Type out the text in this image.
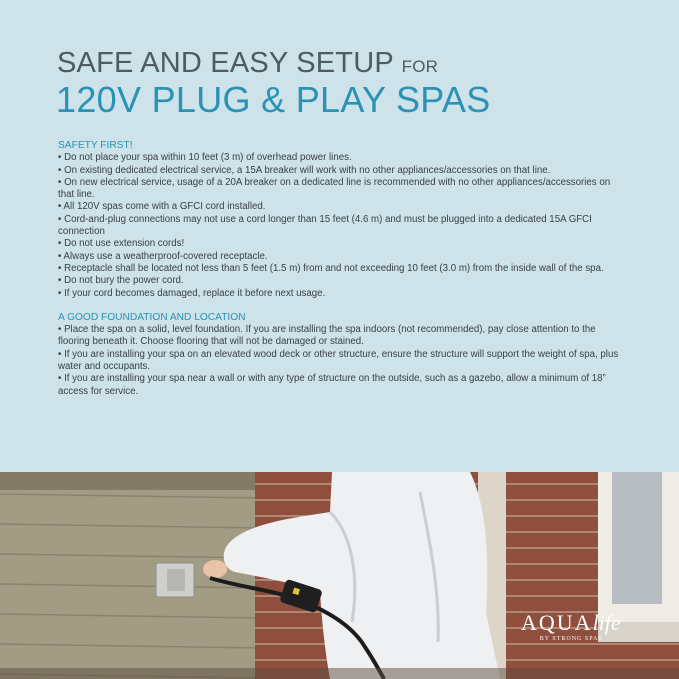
SAFE AND EASY SETUP FOR
120V PLUG & PLAY SPAS
SAFETY FIRST!

• Do not place your spa within 10 feet (3 m) of overhead power lines.

• On existing dedicated electrical service, a 15A breaker will work with no other appliances/accessories on that line.

• On new electrical service, usage of a 20A breaker on a dedicated line is recommended with no other appliances/accessories on that line.

• All 120V spas come with a GFCI cord installed.

• Cord-and-plug connections may not use a cord longer than 15 feet (4.6 m) and must be plugged into a dedicated 15A GFCI connection

• Do not use extension cords!

• Always use a weatherproof-covered receptacle.

• Receptacle shall be located not less than 5 feet (1.5 m) from and not exceeding 10 feet (3.0 m) from the inside wall of the spa.

• Do not bury the power cord.

• If your cord becomes damaged, replace it before next usage.

A GOOD FOUNDATION AND LOCATION

• Place the spa on a solid, level foundation. If you are installing the spa indoors (not recommended), pay close attention to the flooring beneath it. Choose flooring that will not be damaged or stained.

• If you are installing your spa on an elevated wood deck or other structure, ensure the structure will support the weight of spa, plus water and occupants.

• If you are installing your spa near a wall or with any type of structure on the outside, such as a gazebo, allow a minimum of 18” access for service.

AQUAlife
BY STRONG SPAS
